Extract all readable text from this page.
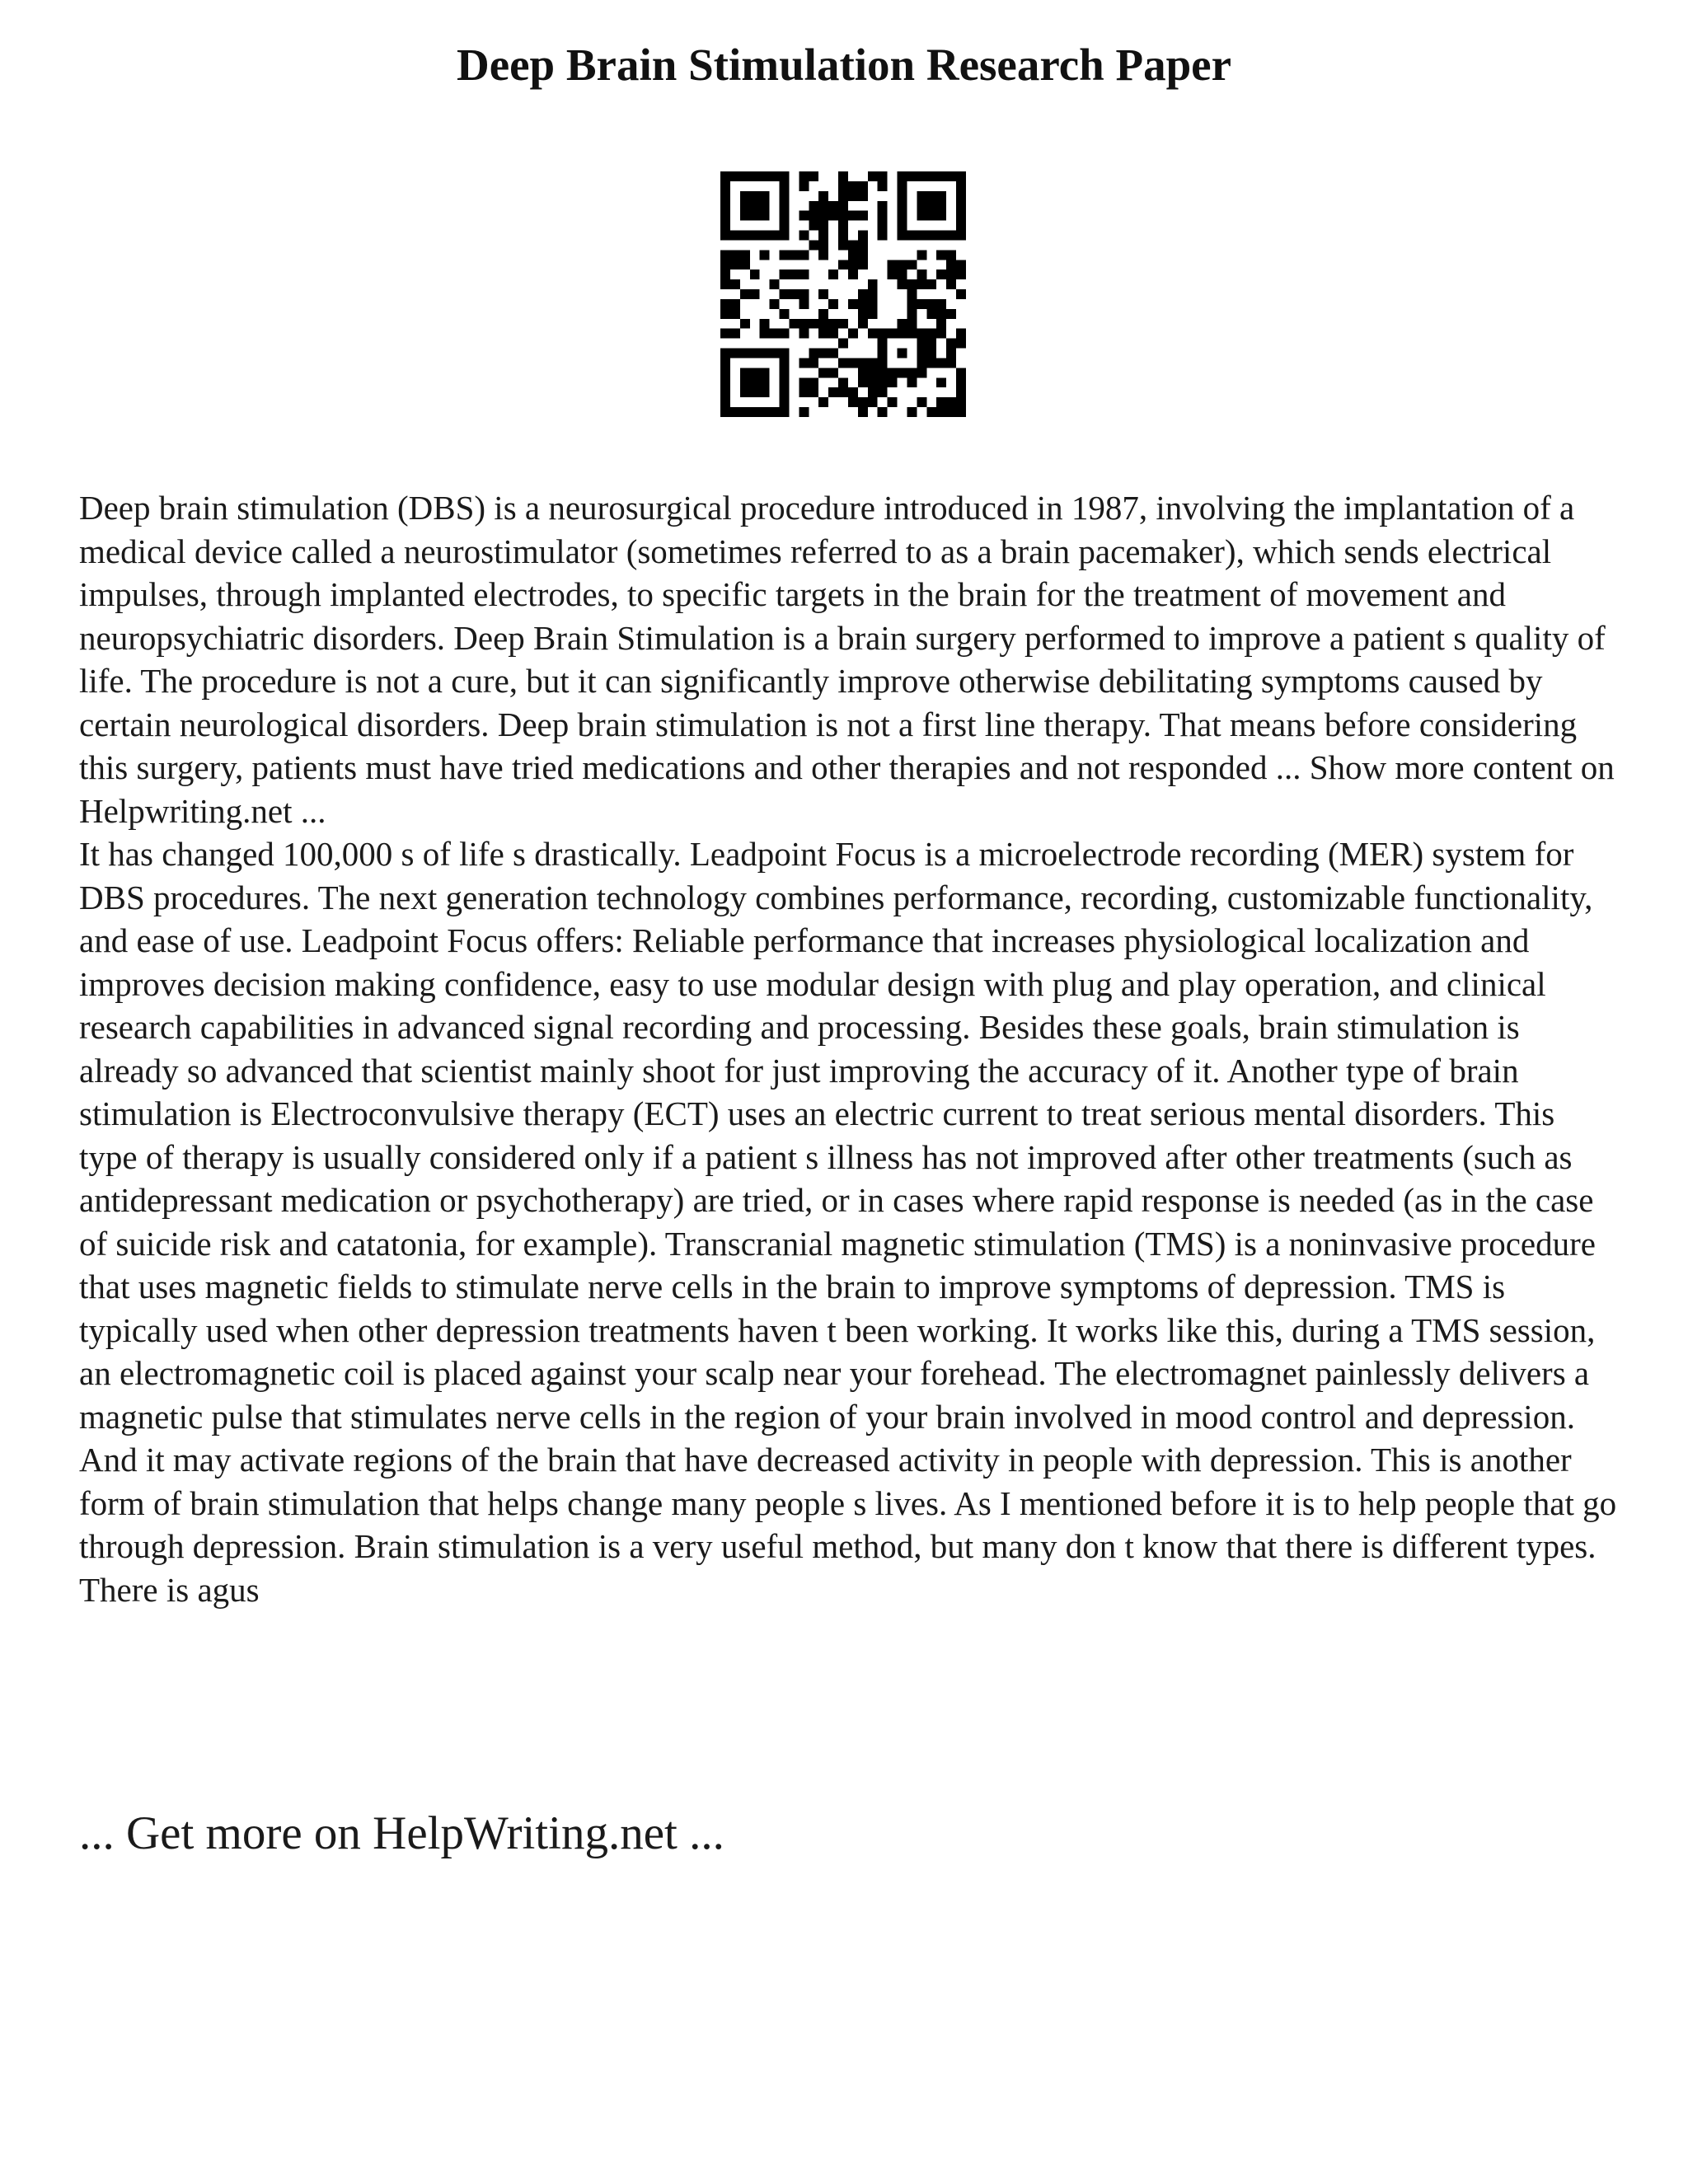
Deep Brain Stimulation Research Paper

Deep brain stimulation (DBS) is a neurosurgical procedure introduced in 1987, involving the implantation of a medical device called a neurostimulator (sometimes referred to as a brain pacemaker), which sends electrical impulses, through implanted electrodes, to specific targets in the brain for the treatment of movement and neuropsychiatric disorders. Deep Brain Stimulation is a brain surgery performed to improve a patient s quality of life. The procedure is not a cure, but it can significantly improve otherwise debilitating symptoms caused by certain neurological disorders. Deep brain stimulation is not a first line therapy. That means before considering this surgery, patients must have tried medications and other therapies and not responded ... Show more content on Helpwriting.net ...

It has changed 100,000 s of life s drastically. Leadpoint Focus is a microelectrode recording (MER) system for DBS procedures. The next generation technology combines performance, recording, customizable functionality, and ease of use. Leadpoint Focus offers: Reliable performance that increases physiological localization and improves decision making confidence, easy to use modular design with plug and play operation, and clinical research capabilities in advanced signal recording and processing. Besides these goals, brain stimulation is already so advanced that scientist mainly shoot for just improving the accuracy of it. Another type of brain stimulation is Electroconvulsive therapy (ECT) uses an electric current to treat serious mental disorders. This type of therapy is usually considered only if a patient s illness has not improved after other treatments (such as antidepressant medication or psychotherapy) are tried, or in cases where rapid response is needed (as in the case of suicide risk and catatonia, for example). Transcranial magnetic stimulation (TMS) is a noninvasive procedure that uses magnetic fields to stimulate nerve cells in the brain to improve symptoms of depression. TMS is typically used when other depression treatments haven t been working. It works like this, during a TMS session, an electromagnetic coil is placed against your scalp near your forehead. The electromagnet painlessly delivers a magnetic pulse that stimulates nerve cells in the region of your brain involved in mood control and depression. And it may activate regions of the brain that have decreased activity in people with depression. This is another form of brain stimulation that helps change many people s lives. As I mentioned before it is to help people that go through depression. Brain stimulation is a very useful method, but many don t know that there is different types. There is agus

... Get more on HelpWriting.net ...
